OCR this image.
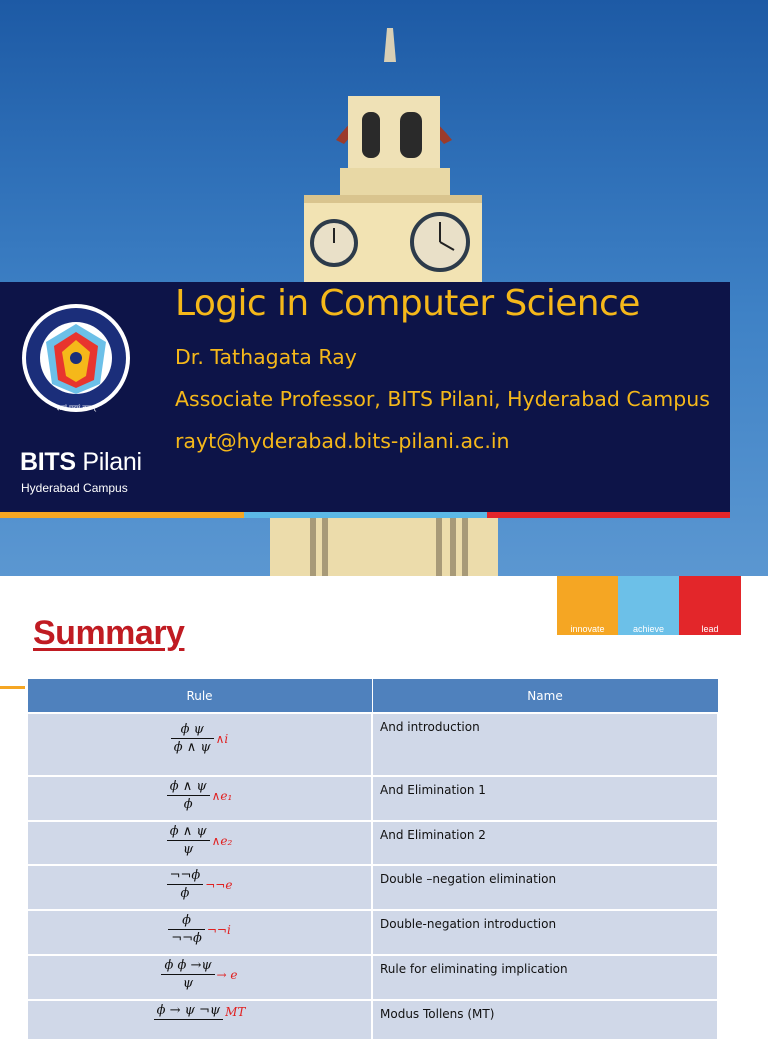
ज्ञानं परमं बलम्
BITS Pilani
Hyderabad Campus
Logic in Computer Science
Dr. Tathagata Ray
Associate Professor, BITS Pilani, Hyderabad Campus
rayt@hyderabad.bits-pilani.ac.in
Summary	innovate	achieve	lead
Rule	Name

$\frac{\text{ϕ ψ}}{\phi \wedge \psi}$ ∧i	And introduction

$\frac{\phi \wedge \psi}{\phi}$ ∧e₁	And Elimination 1

$\frac{\phi \wedge \psi}{\psi}$ ∧e₂	And Elimination 2

$\frac{\neg\neg\phi}{\phi}$ ¬¬e	Double –negation elimination

$\frac{\phi}{\neg\neg\phi}$ ¬¬i	Double-negation introduction

$\frac{\text{ϕ ϕ →ψ}}{\psi} \to e$	Rule for eliminating implication

ϕ → ψ ¬ψ MT	Modus Tollens (MT)
